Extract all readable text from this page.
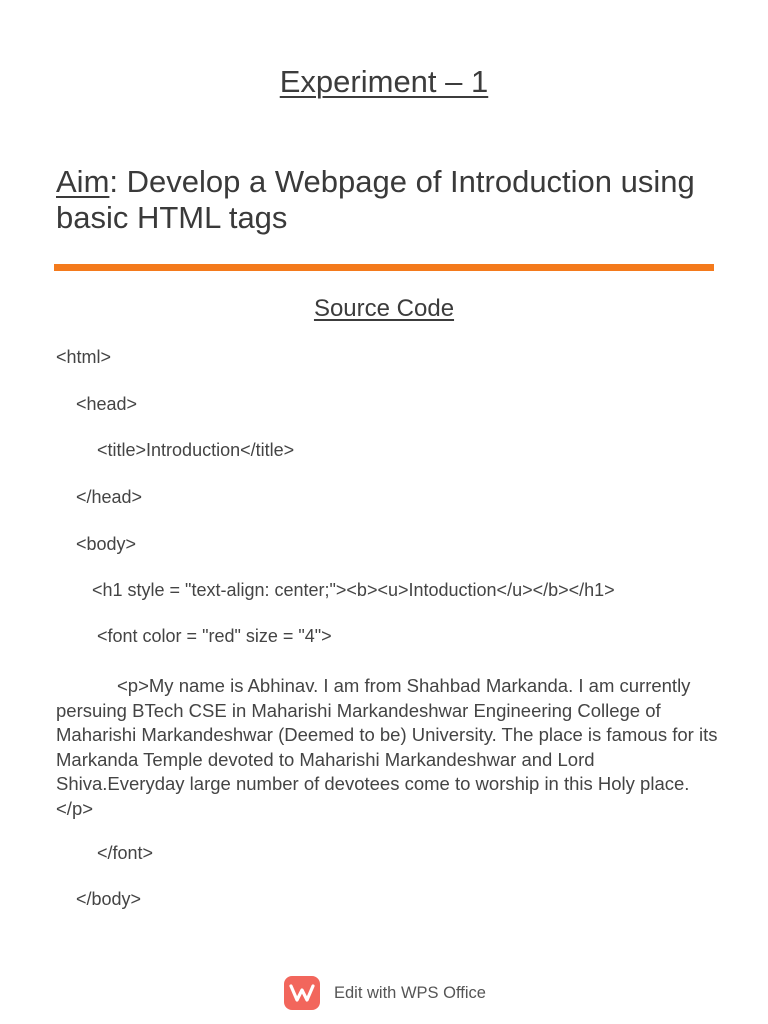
Experiment – 1
Aim: Develop a Webpage of Introduction using basic HTML tags
Source Code
<html>
<head>
<title>Introduction</title>
</head>
<body>
<h1 style = "text-align: center;"><b><u>Intoduction</u></b></h1>
<font color = "red" size = "4">
<p>My name is Abhinav. I am from Shahbad Markanda. I am currently persuing BTech CSE in Maharishi Markandeshwar Engineering College of Maharishi Markandeshwar (Deemed to be) University. The place is famous for its Markanda Temple devoted to Maharishi Markandeshwar and Lord Shiva.Everyday large number of devotees come to worship in this Holy place. </p>
</font>
</body>
Edit with WPS Office
